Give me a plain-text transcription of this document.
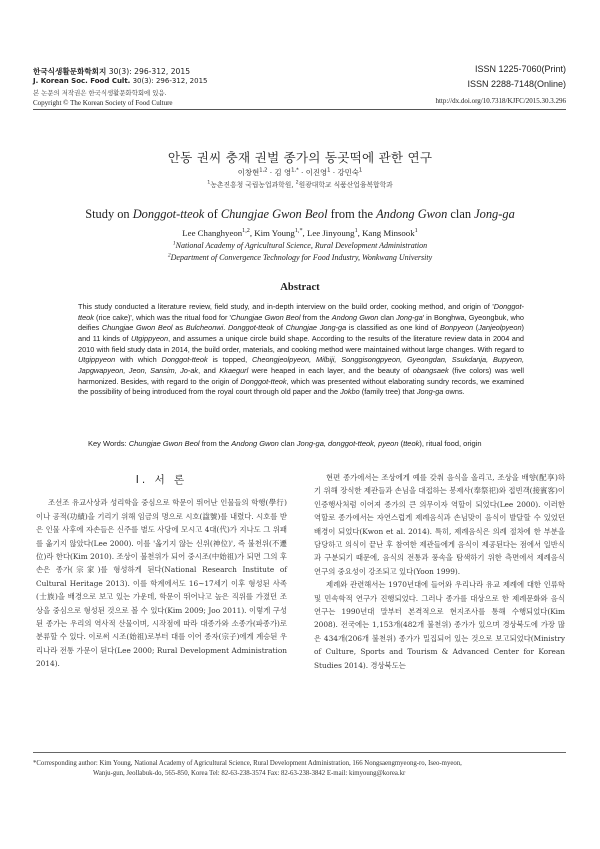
한국식생활문화학회지 30(3): 296-312, 2015
J. Korean Soc. Food Cult. 30(3): 296-312, 2015
본 논문의 저작권은 한국식생활문화학회에 있음.
Copyright © The Korean Society of Food Culture
ISSN 1225-7060(Print)
ISSN 2288-7148(Online)
http://dx.doi.org/10.7318/KJFC/2015.30.3.296
안동 권씨 충재 권벌 종가의 동곳떡에 관한 연구
이창현$^{1,2}$ · 김 영$^{1,*}$ · 이진영$^1$ · 강민숙$^1$
$^1$농촌진흥청 국립농업과학원, $^2$원광대학교 식품산업융복합학과
Study on Donggot-tteok of Chungjae Gwon Beol from the Andong Gwon clan Jong-ga
Lee Changhyeon$^{1,2}$, Kim Young$^{1,*}$, Lee Jinyoung$^1$, Kang Minsook$^1$
$^1$National Academy of Agricultural Science, Rural Development Administration
$^2$Department of Convergence Technology for Food Industry, Wonkwang University
Abstract
This study conducted a literature review, field study, and in-depth interview on the build order, cooking method, and origin of 'Donggot-tteok (rice cake)', which was the ritual food for 'Chungjae Gwon Beol from the Andong Gwon clan Jong-ga' in Bonghwa, Gyeongbuk, who deifies Chungjae Gwon Beol as Bulcheonwi. Donggot-tteok of Chungjae Jong-ga is classified as one kind of Bonpyeon (Janjeolpyeon) and 11 kinds of Utgippyeon, and assumes a unique circle build shape. According to the results of the literature review data in 2004 and 2010 with field study data in 2014, the build order, materials, and cooking method were maintained without large changes. With regard to Utgippyeon with which Donggot-tteok is topped, Cheongjeolpyeon, Milbiji, Songgisongpyeon, Gyeongdan, Ssukdanja, Bupyeon, Japgwapyeon, Jeon, Sansim, Jo-ak, and Kkaegurl were heaped in each layer, and the beauty of obangsaek (five colors) was well harmonized. Besides, with regard to the origin of Donggot-tteok, which was presented without elaborating sundry records, we examined the possibility of being introduced from the royal court through old paper and the Jokbo (family tree) that Jong-ga owns.
Key Words: Chungjae Gwon Beol from the Andong Gwon clan Jong-ga, donggot-tteok, pyeon (tteok), ritual food, origin
Ⅰ. 서 론

조선조 유교사상과 성리학을 중심으로 학문이 뛰어난 인물들의 학행(學行)이나 공적(功績)을 기리기 위해 임금의 명으로 시호(諡號)를 내렸다. 시호를 받은 인물 사후에 자손들은 신주를 별도 사당에 모시고 4대(代)가 지나도 그 위패를 옮기지 않았다(Lee 2000). 이를 '옮기지 않는 신위(神位)', 즉 불천위(不遷位)라 한다(Kim 2010). 조상이 불천위가 되어 중시조(中始祖)가 되면 그의 후손은 종가(宗家)를 형성하게 된다(National Research Institute of Cultural Heritage 2013). 이를 학계에서도 16~17세기 이후 형성된 사족(士族)을 배경으로 보고 있는 가운데, 학문이 뛰어나고 높은 직위를 가졌던 조상을 중심으로 형성된 것으로 볼 수 있다(Kim 2009; Joo 2011). 이렇게 구성된 종가는 우리의 역사적 산물이며, 시작점에 따라 대종가와 소종가(파종가)로 분류할 수 있다. 이로써 시조(始祖)로부터 대를 이어 종자(宗子)에게 계승된 우리나라 전통 가문이 된다(Lee 2000; Rural Development Administration 2014).

현편 종가에서는 조상에게 예를 갖춰 음식을 올리고, 조상을 배향(配享)하기 위해 장식한 제관들과 손님을 대접하는 봉제사(奉祭祀)와 접빈객(接賓客)이 인증행사처럼 이어져 종가의 큰 의무이자 역할이 되었다(Lee 2000). 이러한 역할로 종가에서는 자연스럽게 제례음식과 손님맞이 음식이 발달할 수 있었던 배경이 되었다(Kwon et al. 2014). 특히, 제례음식은 의례 절차에 한 부분을 담당하고 의식이 끝난 후 참여한 제관들에게 음식이 제공된다는 점에서 일반식과 구분되기 때문에, 음식의 전통과 풍속을 탐색하기 위한 측면에서 제례음식 연구의 중요성이 강조되고 있다(Yoon 1999).

제례와 관련해서는 1970년대에 들어와 우리나라 유교 제례에 대한 인류학 및 민속학적 연구가 진행되었다. 그러나 종가를 대상으로 한 제례문화와 음식 연구는 1990년대 말부터 본격적으로 현지조사를 통해 수행되었다(Kim 2008). 전국에는 1,153개(482개 불천위) 종가가 있으며 경상북도에 가장 많은 434개(206개 불천위) 종가가 밀집되어 있는 것으로 보고되었다(Ministry of Culture, Sports and Tourism & Advanced Center for Korean Studies 2014). 경상북도는

*Corresponding author: Kim Young, National Academy of Agricultural Science, Rural Development Administration, 166 Nongsaengmyeong-ro, Iseo-myeon,
Wanju-gun, Jeollabuk-do, 565-850, Korea Tel: 82-63-238-3574 Fax: 82-63-238-3842 E-mail: kimyoung@korea.kr
